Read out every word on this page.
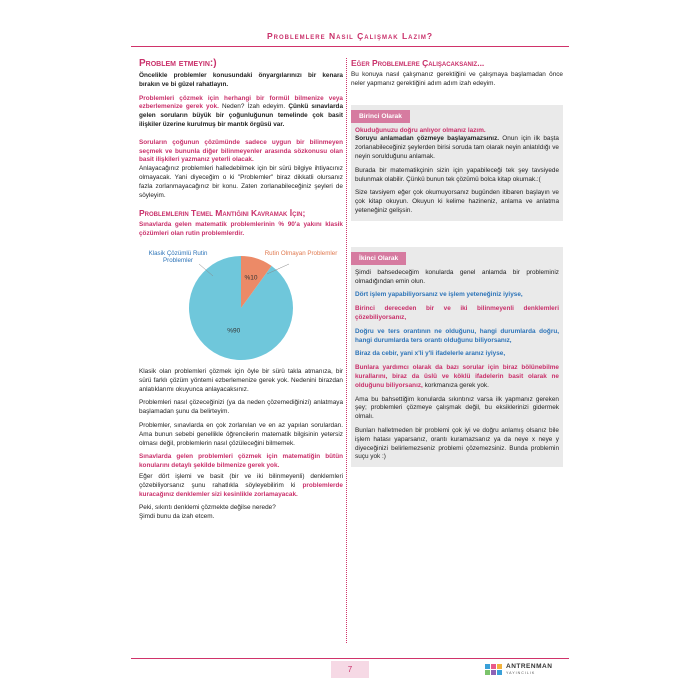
Problemlere Nasıl Çalışmak Lazım?
Problem etmeyin:)

Öncelikle problemler konusundaki önyargılarınızı bir kenara bırakın ve bi güzel rahatlayın.

Problemleri çözmek için herhangi bir formül bilmenize veya ezberlemenize gerek yok. Neden? İzah edeyim. Çünkü sınavlarda gelen soruların büyük bir çoğunluğunun temelinde çok basit ilişkiler üzerine kurulmuş bir mantık örgüsü var.

Soruların çoğunun çözümünde sadece uygun bir bilinmeyen seçmek ve bununla diğer bilinmeyenler arasında sözkonusu olan basit ilişkileri yazmanız yeterli olacak.
Anlayacağınız problemleri halledebilmek için bir sürü bilgiye ihtiyacınız olmayacak. Yani diyeceğim o ki "Problemler" biraz dikkatli olursanız fazla zorlanmayacağınız bir konu. Zaten zorlanabileceğiniz şeyleri de söyleyim.

Problemlerin Temel Mantığını Kavramak İçin;

Sınavlarda gelen matematik problemlerinin % 90'a yakını klasik çözümleri olan rutin problemlerdir.

%90
%10
Klasik Çözümlü Rutin Problemler
Rutin Olmayan Problemler

Klasik olan problemleri çözmek için öyle bir sürü takla atmanıza, bir sürü farklı çözüm yöntemi ezberlemenize gerek yok. Nedenini birazdan anlatıklarımı okuyunca anlayacaksınız.

Problemleri nasıl çözeceğinizi (ya da neden çözemediğinizi) anlatmaya başlamadan şunu da belirteyim.

Problemler, sınavlarda en çok zorlanılan ve en az yapılan sorulardan. Ama bunun sebebi genellikle öğrencilerin matematik bilgisinin yetersiz olması değil, problemlerin nasıl çözüleceğini bilmemek.

Sınavlarda gelen problemleri çözmek için matematiğin bütün konularını detaylı şekilde bilmenize gerek yok.

Eğer dört işlemi ve basit (bir ve iki bilinmeyenli) denklemleri çözebiliyorsanız şunu rahatlıkla söyleyebilirim ki problemlerde kuracağınız denklemler sizi kesinlikle zorlamayacak.

Peki, sıkıntı denklemi çözmekte değilse nerede?
Şimdi bunu da izah etcem.

Eğer Problemlere Çalışacaksanız...

Bu konuya nasıl çalışmanız gerektiğini ve çalışmaya başlamadan önce neler yapmanız gerektiğini adım adım izah edeyim.

Birinci Olarak

Okuduğunuzu doğru anlıyor olmanız lazım.
Soruyu anlamadan çözmeye başlayamazsınız. Onun için ilk başta zorlanabileceğiniz şeylerden birisi soruda tam olarak neyin anlatıldığı ve neyin sorulduğunu anlamak.

Burada bir matematikçinin sizin için yapabileceği tek şey tavsiyede bulunmak olabilir. Çünkü bunun tek çözümü bolca kitap okumak.:(

Size tavsiyem eğer çok okumuyorsanız bugünden itibaren başlayın ve çok kitap okuyun. Okuyun ki kelime hazineniz, anlama ve anlatma yeteneğiniz gelişsin.

İkinci Olarak

Şimdi bahsedeceğim konularda genel anlamda bir probleminiz olmadığından emin olun.

Dört işlem yapabiliyorsanız ve işlem yeteneğiniz iyiyse,

Birinci dereceden bir ve iki bilinmeyenli denklemleri çözebiliyorsanız,

Doğru ve ters orantının ne olduğunu, hangi durumlarda doğru, hangi durumlarda ters orantı olduğunu biliyorsanız,

Biraz da cebir, yani x'li y'li ifadelerle aranız iyiyse,

Bunlara yardımcı olarak da bazı sorular için biraz bölünebilme kurallarını, biraz da üslü ve köklü ifadelerin basit olarak ne olduğunu biliyorsanız, korkmanıza gerek yok.

Ama bu bahsettiğim konularda sıkıntınız varsa ilk yapmanız gereken şey; problemleri çözmeye çalışmak değil, bu eksiklerinizi gidermek olmalı.

Bunları halletmeden bir problemi çok iyi ve doğru anlamış olsanız bile işlem hatası yaparsanız, orantı kuramazsanız ya da neye x neye y diyeceğinizi belirlemezseniz problemi çözemezsiniz. Bunda problemin suçu yok :)

7	ANTRENMAN
YAYINCILIK
